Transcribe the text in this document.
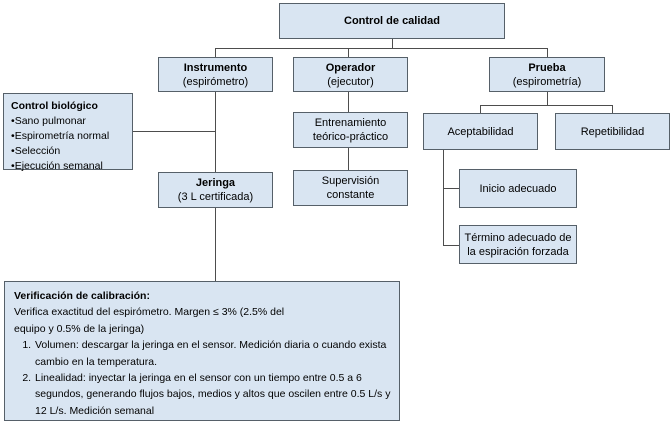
Control de calidad
Instrumento
(espirómetro)
Operador
(ejecutor)
Prueba
(espirometría)
Control biológico
• Sano pulmonar
• Espirometría normal
• Selección
• Ejecución semanal
Entrenamiento teórico-práctico	Aceptabilidad	Repetibilidad
Jeringa
(3 L certificada)
Supervisión constante
Inicio adecuado
Término adecuado de la espiración forzada
Verificación de calibración:
Verifica exactitud del espirómetro. Margen ≤ 3% (2.5% del
equipo y 0.5% de la jeringa)
1. Volumen: descargar la jeringa en el sensor. Medición diaria o cuando exista cambio en la temperatura.
2. Linealidad: inyectar la jeringa en el sensor con un tiempo entre 0.5 a 6 segundos, generando flujos bajos, medios y altos que oscilen entre 0.5 L/s y 12 L/s. Medición semanal
